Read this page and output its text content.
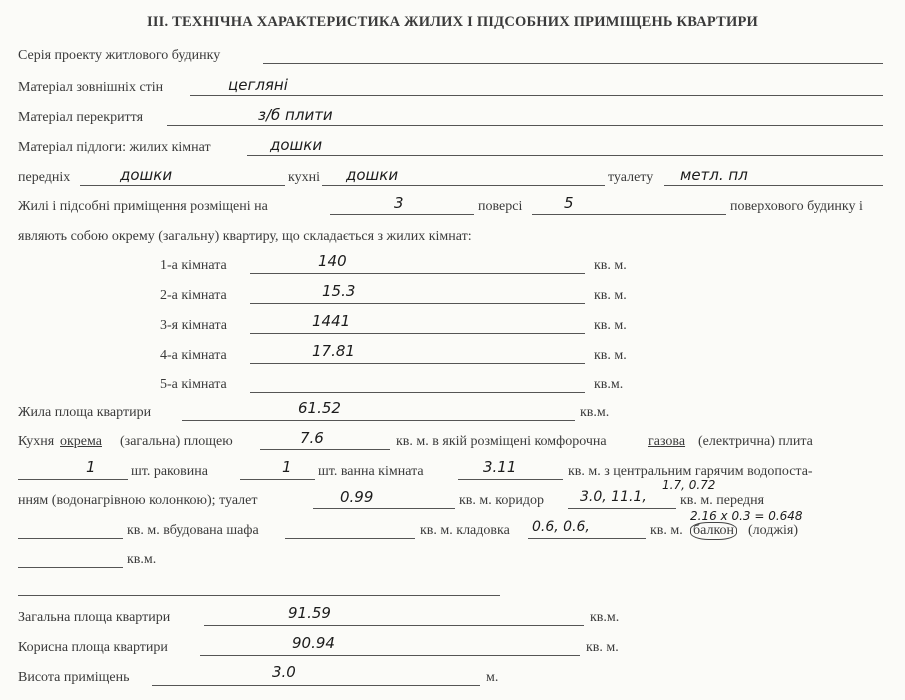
ІІІ. ТЕХНІЧНА ХАРАКТЕРИСТИКА ЖИЛИХ І ПІДСОБНИХ ПРИМІЩЕНЬ КВАРТИРИ
Серія проекту житлового будинку
Матеріал зовнішніх стін	цегляні
Матеріал перекриття	з/б плити
Матеріал підлоги: жилих кімнат	дошки
передніх	дошки	кухні дошки	туалету метл. пл
Жилі і підсобні приміщення розміщені на	3	поверсі	5	поверхового будинку і
являють собою окрему (загальну) квартиру, що складається з жилих кімнат:
1-а кімната	140	кв. м.
2-а кімната	15.3	кв. м.
3-я кімната	1441	кв. м.
4-а кімната	17.81	кв. м.
5-а кімната	кв.м.
Жила площа квартири	61.52	кв.м.
Кухня окрема (загальна) площею	7.6	кв. м. в якій розміщені комфорочна	газова (електрична) плита
1	шт. раковина	1 шт. ванна кімната	3.11	кв. м. з центральним гарячим водопоста-
нням (водонагрівною колонкою); туалет	0.99	кв. м. коридор	3.0, 11.1,
1.7, 0.72
кв. м. передня
2.16 х 0.3 = 0.648
кв. м. вбудована шафа	кв. м. кладовка 0.6, 0.6,	кв. м. балкон (лоджія)
кв.м.
Загальна площа квартири	91.59	кв.м.
Корисна площа квартири	90.94	кв. м.
Висота приміщень	3.0	м.
